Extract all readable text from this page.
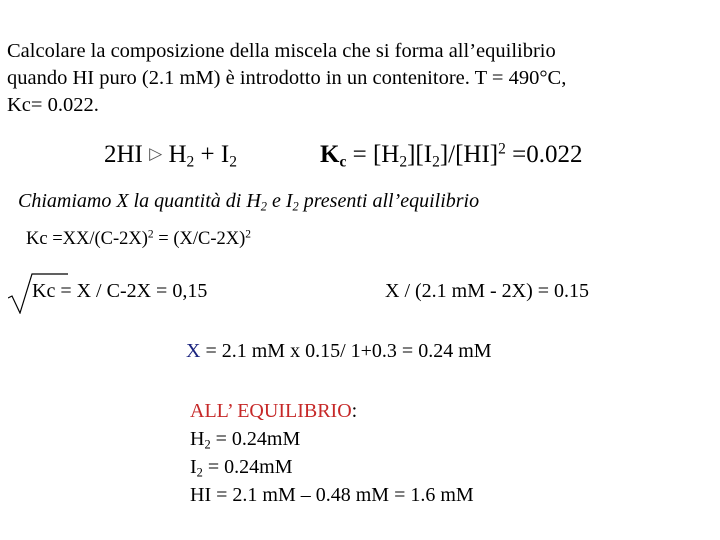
Calcolare la composizione della miscela che si forma all’equilibrio
quando HI puro (2.1 mM) è introdotto in un contenitore. T = 490°C,
Kc= 0.022.
2HI ▷ $H_2 + I_2$	$K_c = [H_2][I_2]/[HI]^2 =0.022$
Chiamiamo X la quantità di $H_2$ e $I_2$ presenti all’equilibrio
$Kc =XX/(C-2X)^2 = (X/C-2X)^2$
Kc = X / C-2X = 0,15	X / (2.1 mM - 2X) = 0.15
X = 2.1 mM x 0.15/ 1+0.3 = 0.24 mM
ALL’ EQUILIBRIO:
$H_2 = 0.24mM$
$I_2 = 0.24mM$
HI = 2.1 mM – 0.48 mM = 1.6 mM
